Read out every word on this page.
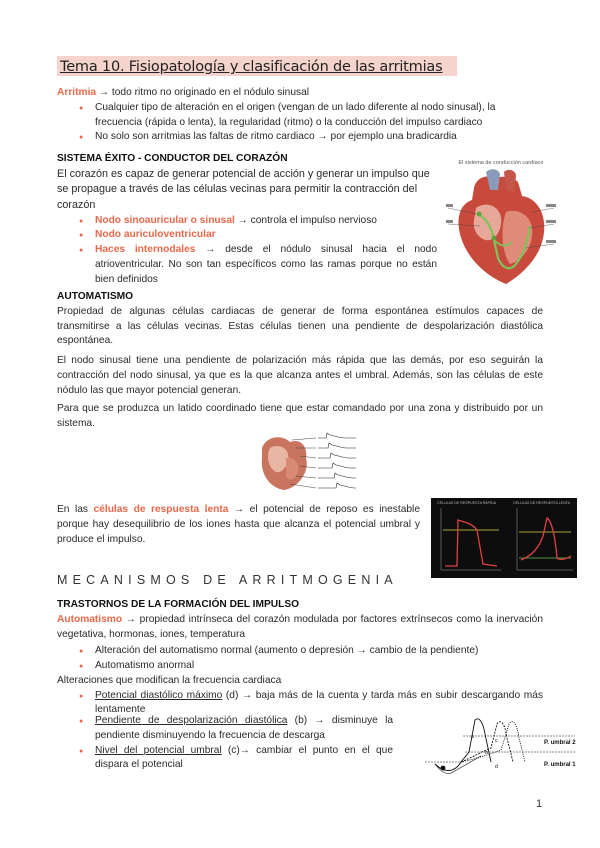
Tema 10. Fisiopatología y clasificación de las arritmias
Arritmia → todo ritmo no originado en el nódulo sinusal
● Cualquier tipo de alteración en el origen (vengan de un lado diferente al nodo sinusal), la frecuencia (rápida o lenta), la regularidad (ritmo) o la conducción del impulso cardiaco
● No solo son arritmias las faltas de ritmo cardiaco → por ejemplo una bradicardia
SISTEMA ÉXITO - CONDUCTOR DEL CORAZÓN
El corazón es capaz de generar potencial de acción y generar un impulso que se propague a través de las células vecinas para permitir la contracción del corazón
● Nodo sinoauricular o sinusal → controla el impulso nervioso
● Nodo auriculoventricular
● Haces internodales → desde el nódulo sinusal hacia el nodo atrioventricular. No son tan específicos como las ramas porque no están bien definidos
El sistema de conducción cardíaco
AUTOMATISMO
Propiedad de algunas células cardiacas de generar de forma espontánea estímulos capaces de transmitirse a las células vecinas. Estas células tienen una pendiente de despolarización diastólica espontánea.
El nodo sinusal tiene una pendiente de polarización más rápida que las demás, por eso seguirán la contracción del nodo sinusal, ya que es la que alcanza antes el umbral. Además, son las células de este nódulo las que mayor potencial generan.
Para que se produzca un latido coordinado tiene que estar comandado por una zona y distribuido por un sistema.
En las células de respuesta lenta → el potencial de reposo es inestable porque hay desequilibrio de los iones hasta que alcanza el potencial umbral y produce el impulso.
CÉLULAS DE RESPUESTA RÁPIDA	CÉLULAS DE RESPUESTA LENTA
MECANISMOS DE ARRITMOGENIA
TRASTORNOS DE LA FORMACIÓN DEL IMPULSO
Automatismo → propiedad intrínseca del corazón modulada por factores extrínsecos como la inervación vegetativa, hormonas, iones, temperatura
● Alteración del automatismo normal (aumento o depresión → cambio de la pendiente)
● Automatismo anormal
Alteraciones que modifican la frecuencia cardiaca
● Potencial diastólico máximo (d) → baja más de la cuenta y tarda más en subir descargando más lentamente
● Pendiente de despolarización diastólica (b) → disminuye la pendiente disminuyendo la frecuencia de descarga
● Nivel del potencial umbral (c)→ cambiar el punto en el que dispara el potencial
P. umbral 2
P. umbral 1
a
b
c
d
1
